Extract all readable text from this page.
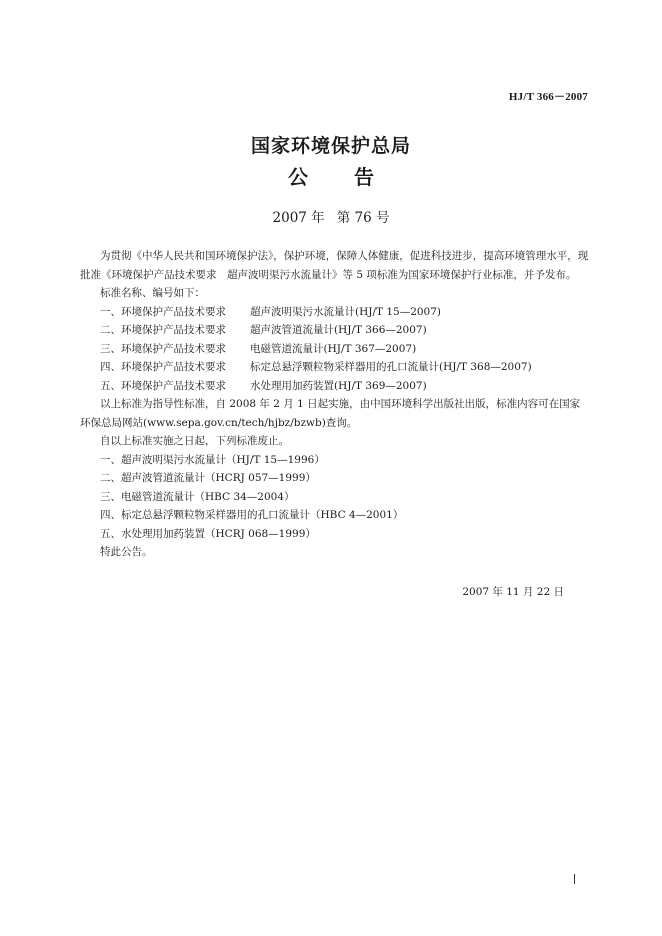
HJ/T 366－2007
国家环境保护总局
公 告
2007 年 第 76 号

为贯彻《中华人民共和国环境保护法》，保护环境，保障人体健康，促进科技进步，提高环境管理水平，现批准《环境保护产品技术要求　超声波明渠污水流量计》等 5 项标准为国家环境保护行业标准，并予发布。

标准名称、编号如下：

一、环境保护产品技术要求 超声波明渠污水流量计(HJ/T 15—2007)
二、环境保护产品技术要求 超声波管道流量计(HJ/T 366—2007)
三、环境保护产品技术要求 电磁管道流量计(HJ/T 367—2007)
四、环境保护产品技术要求 标定总悬浮颗粒物采样器用的孔口流量计(HJ/T 368—2007)
五、环境保护产品技术要求 水处理用加药装置(HJ/T 369—2007)

以上标准为指导性标准，自 2008 年 2 月 1 日起实施，由中国环境科学出版社出版，标准内容可在国家环保总局网站(www.sepa.gov.cn/tech/hjbz/bzwb)查询。

自以上标准实施之日起，下列标准废止。

一、超声波明渠污水流量计（HJ/T 15—1996）
二、超声波管道流量计（HCRJ 057—1999）
三、电磁管道流量计（HBC 34—2004）
四、标定总悬浮颗粒物采样器用的孔口流量计（HBC 4—2001）
五、水处理用加药装置（HCRJ 068—1999）

特此公告。

2007 年 11 月 22 日
